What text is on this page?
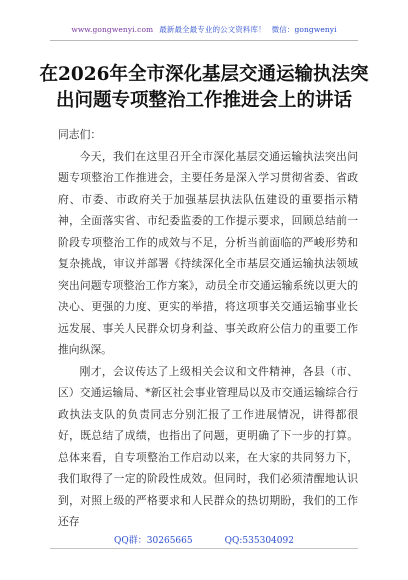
www.gongwenyi.com 最新最全最专业的公文资料库！ 微信：gongwenyi
在2026年全市深化基层交通运输执法突
出问题专项整治工作推进会上的讲话

同志们：

今天，我们在这里召开全市深化基层交通运输执法突出问题专项整治工作推进会，主要任务是深入学习贯彻省委、省政府、市委、市政府关于加强基层执法队伍建设的重要指示精神，全面落实省、市纪委监委的工作提示要求，回顾总结前一阶段专项整治工作的成效与不足，分析当前面临的严峻形势和复杂挑战，审议并部署《持续深化全市基层交通运输执法领域突出问题专项整治工作方案》，动员全市交通运输系统以更大的决心、更强的力度、更实的举措，将这项事关交通运输事业长远发展、事关人民群众切身利益、事关政府公信力的重要工作推向纵深。

刚才，会议传达了上级相关会议和文件精神，各县（市、区）交通运输局、*新区社会事业管理局以及市交通运输综合行政执法支队的负责同志分别汇报了工作进展情况，讲得都很好，既总结了成绩，也指出了问题，更明确了下一步的打算。总体来看，自专项整治工作启动以来，在大家的共同努力下，我们取得了一定的阶段性成效。但同时，我们必须清醒地认识到，对照上级的严格要求和人民群众的热切期盼，我们的工作还存

QQ群：30265665	QQ:535304092
